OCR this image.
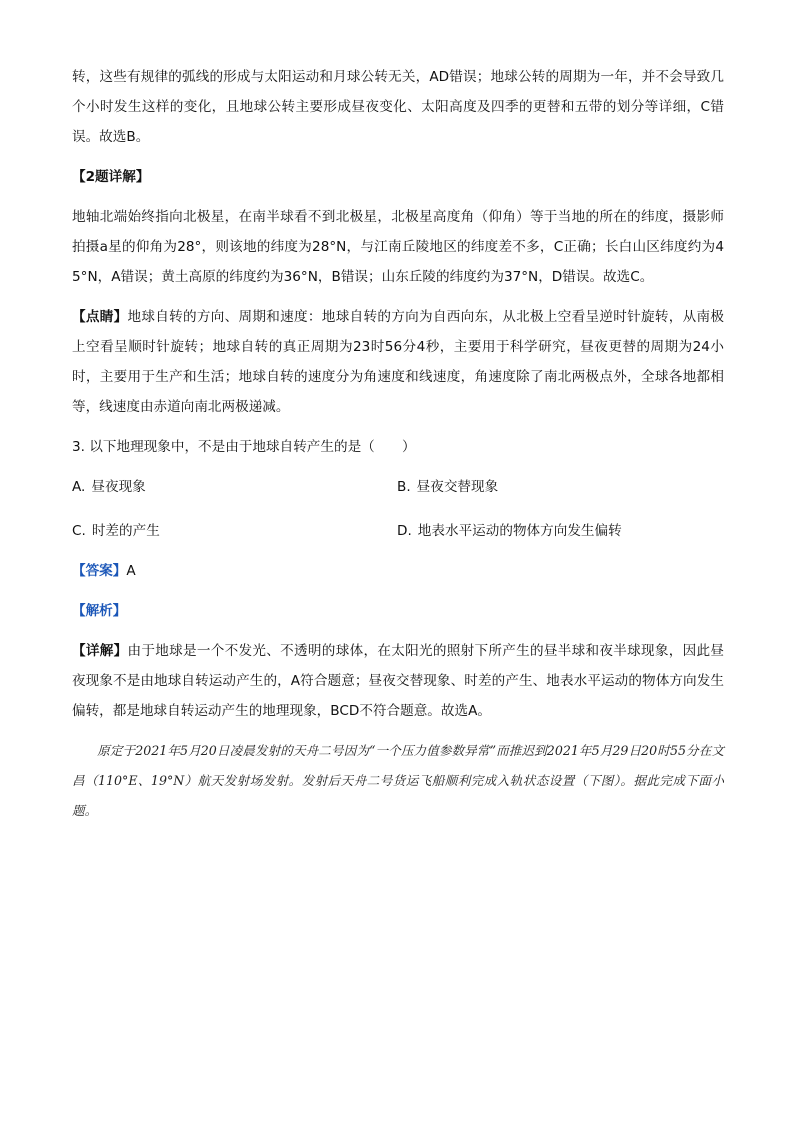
转，这些有规律的弧线的形成与太阳运动和月球公转无关，AD错误；地球公转的周期为一年，并不会导致几个小时发生这样的变化，且地球公转主要形成昼夜变化、太阳高度及四季的更替和五带的划分等详细，C错误。故选B。

【2题详解】

地轴北端始终指向北极星，在南半球看不到北极星，北极星高度角（仰角）等于当地的所在的纬度，摄影师拍摄a星的仰角为28°，则该地的纬度为28°N，与江南丘陵地区的纬度差不多，C正确；长白山区纬度约为45°N，A错误；黄土高原的纬度约为36°N，B错误；山东丘陵的纬度约为37°N，D错误。故选C。

【点睛】地球自转的方向、周期和速度：地球自转的方向为自西向东，从北极上空看呈逆时针旋转，从南极上空看呈顺时针旋转；地球自转的真正周期为23时56分4秒，主要用于科学研究，昼夜更替的周期为24小时，主要用于生产和生活；地球自转的速度分为角速度和线速度，角速度除了南北两极点外，全球各地都相等，线速度由赤道向南北两极递减。

3. 以下地理现象中，不是由于地球自转产生的是（　　）

A. 昼夜现象	B. 昼夜交替现象

C. 时差的产生	D. 地表水平运动的物体方向发生偏转

【答案】A

【解析】

【详解】由于地球是一个不发光、不透明的球体，在太阳光的照射下所产生的昼半球和夜半球现象，因此昼夜现象不是由地球自转运动产生的，A符合题意；昼夜交替现象、时差的产生、地表水平运动的物体方向发生偏转，都是地球自转运动产生的地理现象，BCD不符合题意。故选A。

原定于2021年5月20日凌晨发射的天舟二号因为“一个压力值参数异常”而推迟到2021年5月29日20时55分在文昌（110°E、19°N）航天发射场发射。发射后天舟二号货运飞船顺利完成入轨状态设置（下图）。据此完成下面小题。
